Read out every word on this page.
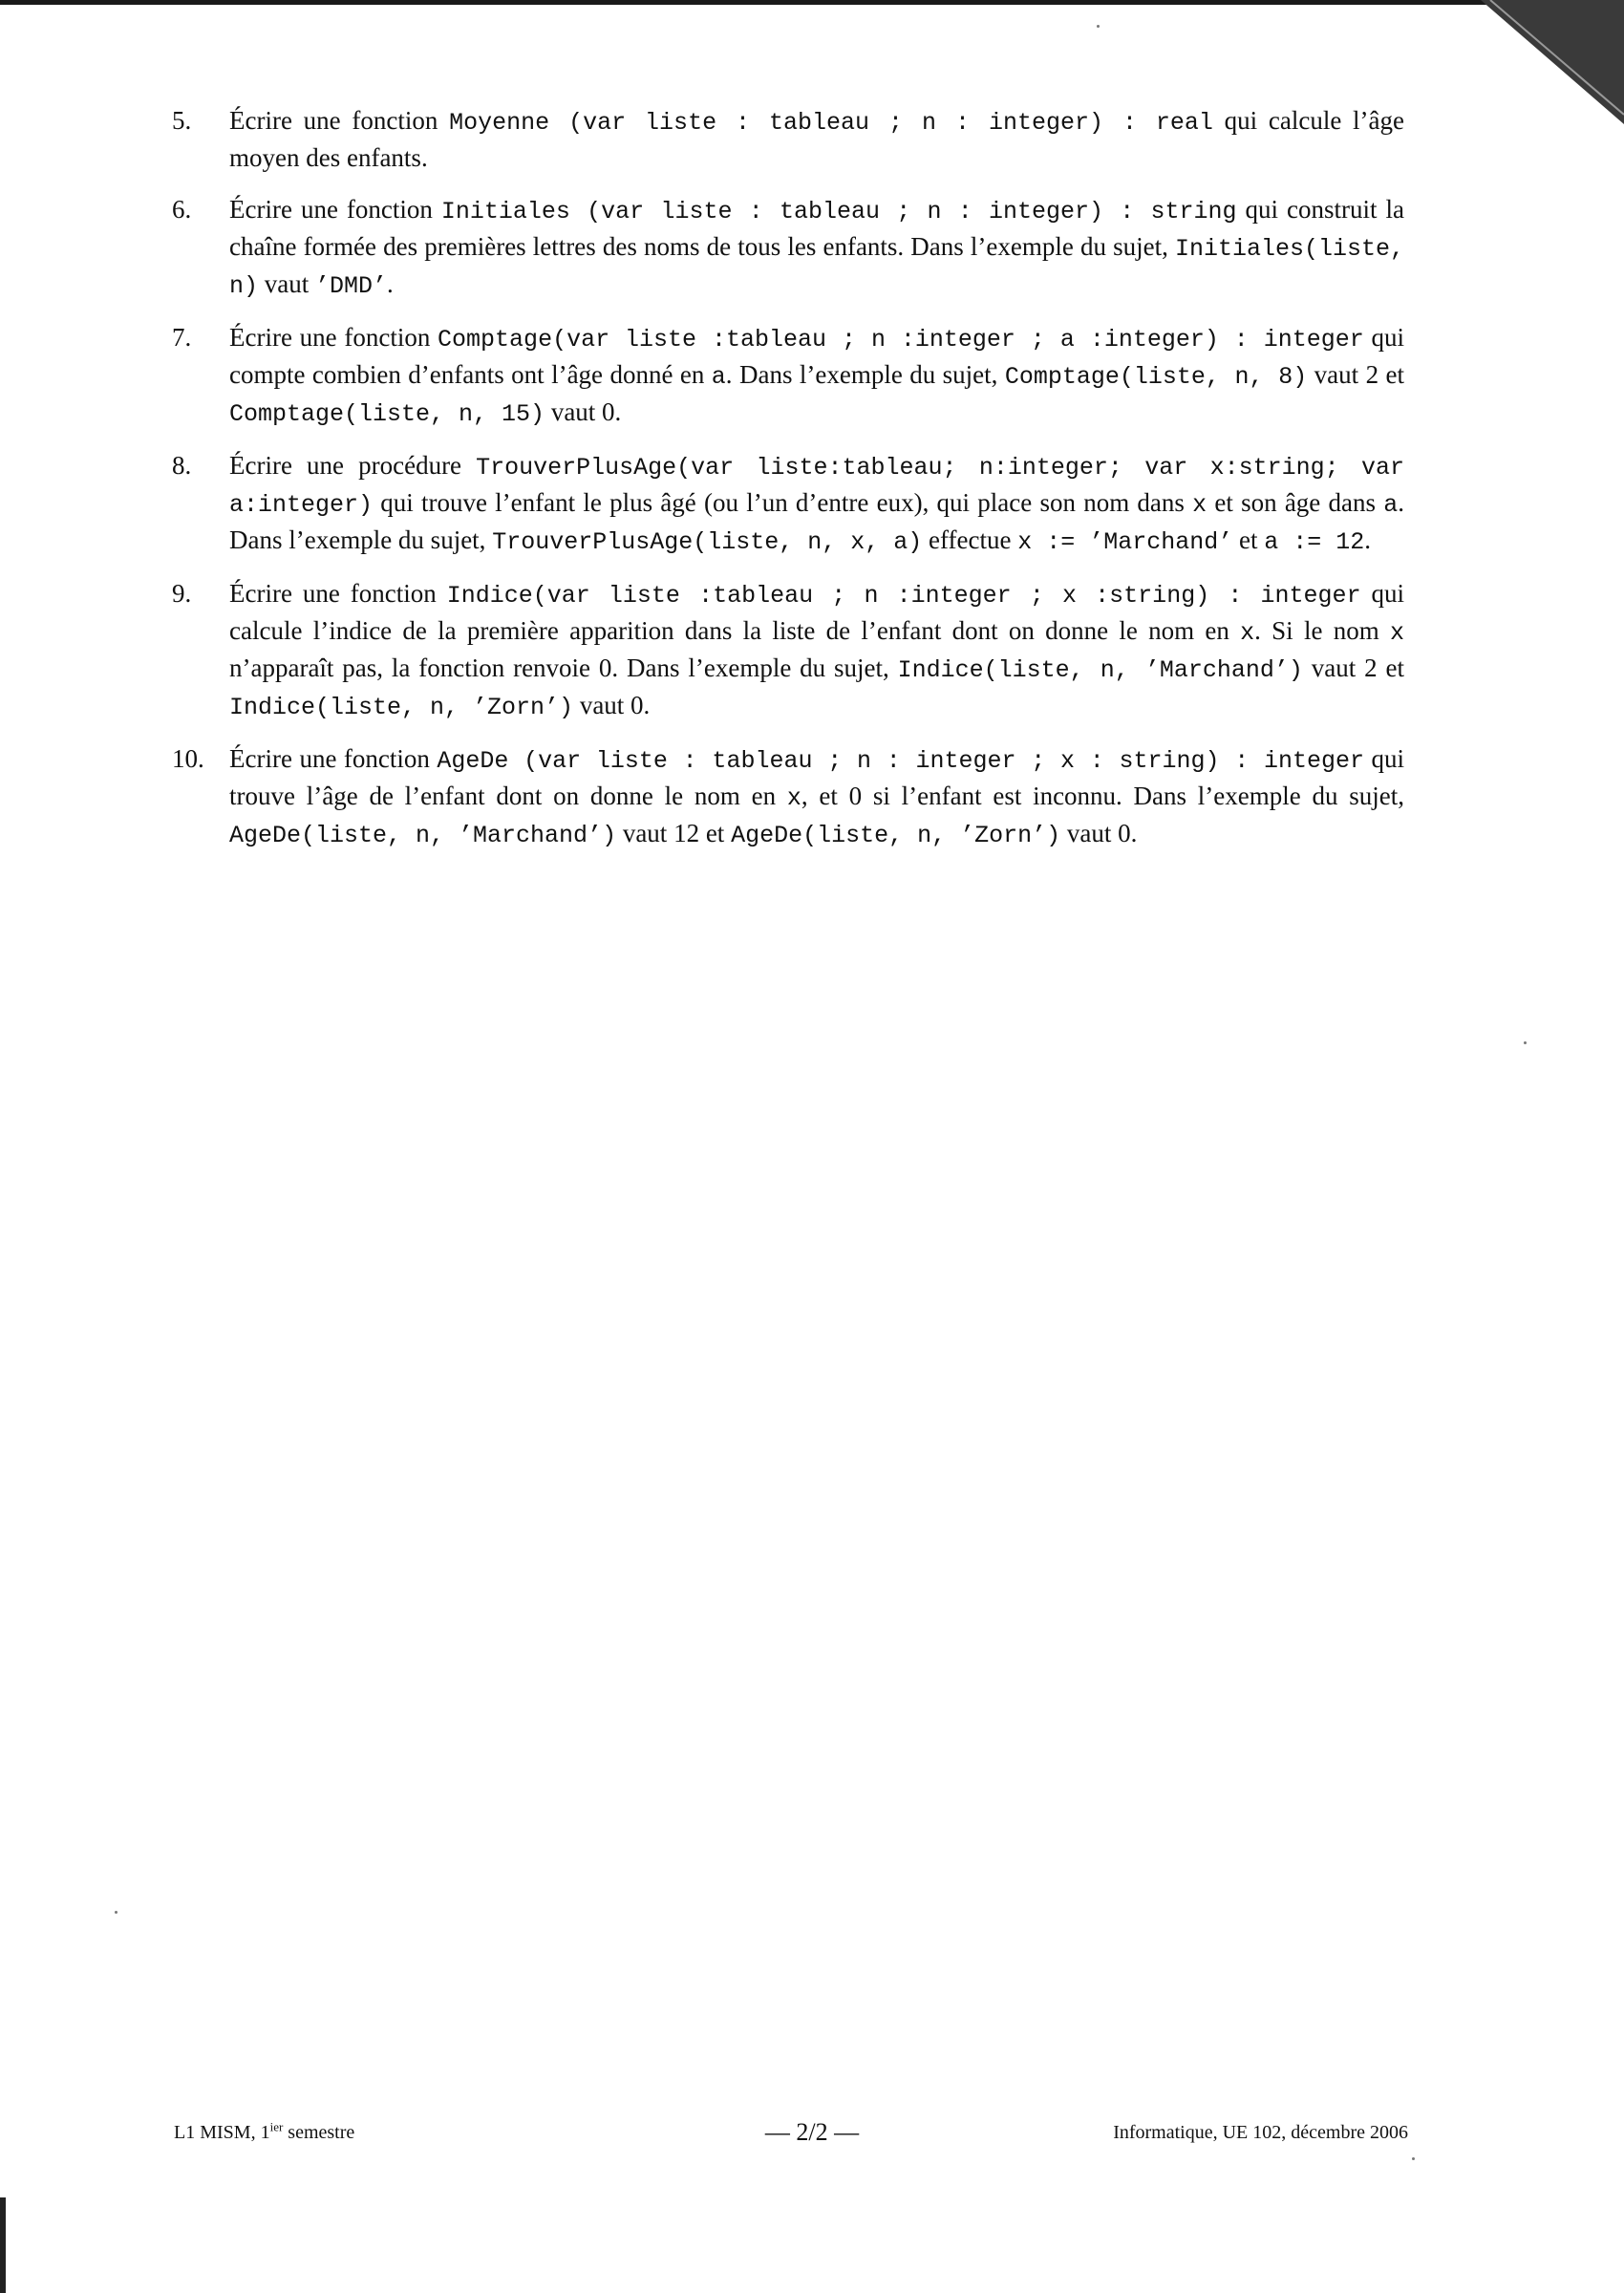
5.	Écrire une fonction Moyenne (var liste : tableau ; n : integer) : real qui calcule l’âge moyen des enfants.
6.	Écrire une fonction Initiales (var liste : tableau ; n : integer) : string qui construit la chaîne formée des premières lettres des noms de tous les enfants. Dans l’exemple du sujet, Initiales(liste, n) vaut ’DMD’.
7.	Écrire une fonction Comptage(var liste :tableau ; n :integer ; a :integer) : integer qui compte combien d’enfants ont l’âge donné en a. Dans l’exemple du sujet, Comptage(liste, n, 8) vaut 2 et Comptage(liste, n, 15) vaut 0.
8.	Écrire une procédure TrouverPlusAge(var liste:tableau; n:integer; var x:string; var a:integer) qui trouve l’enfant le plus âgé (ou l’un d’entre eux), qui place son nom dans x et son âge dans a. Dans l’exemple du sujet, TrouverPlusAge(liste, n, x, a) effectue x := ’Marchand’ et a := 12.
9.	Écrire une fonction Indice(var liste :tableau ; n :integer ; x :string) : integer qui calcule l’indice de la première apparition dans la liste de l’enfant dont on donne le nom en x. Si le nom x n’apparaît pas, la fonction renvoie 0. Dans l’exemple du sujet, Indice(liste, n, ’Marchand’) vaut 2 et Indice(liste, n, ’Zorn’) vaut 0.
10. Écrire une fonction AgeDe (var liste : tableau ; n : integer ; x : string) : integer qui trouve l’âge de l’enfant dont on donne le nom en x, et 0 si l’enfant est inconnu. Dans l’exemple du sujet, AgeDe(liste, n, ’Marchand’) vaut 12 et AgeDe(liste, n, ’Zorn’) vaut 0.
L1 MISM, $1^{ier}$ semestre	— 2/2 —	Informatique, UE 102, décembre 2006
